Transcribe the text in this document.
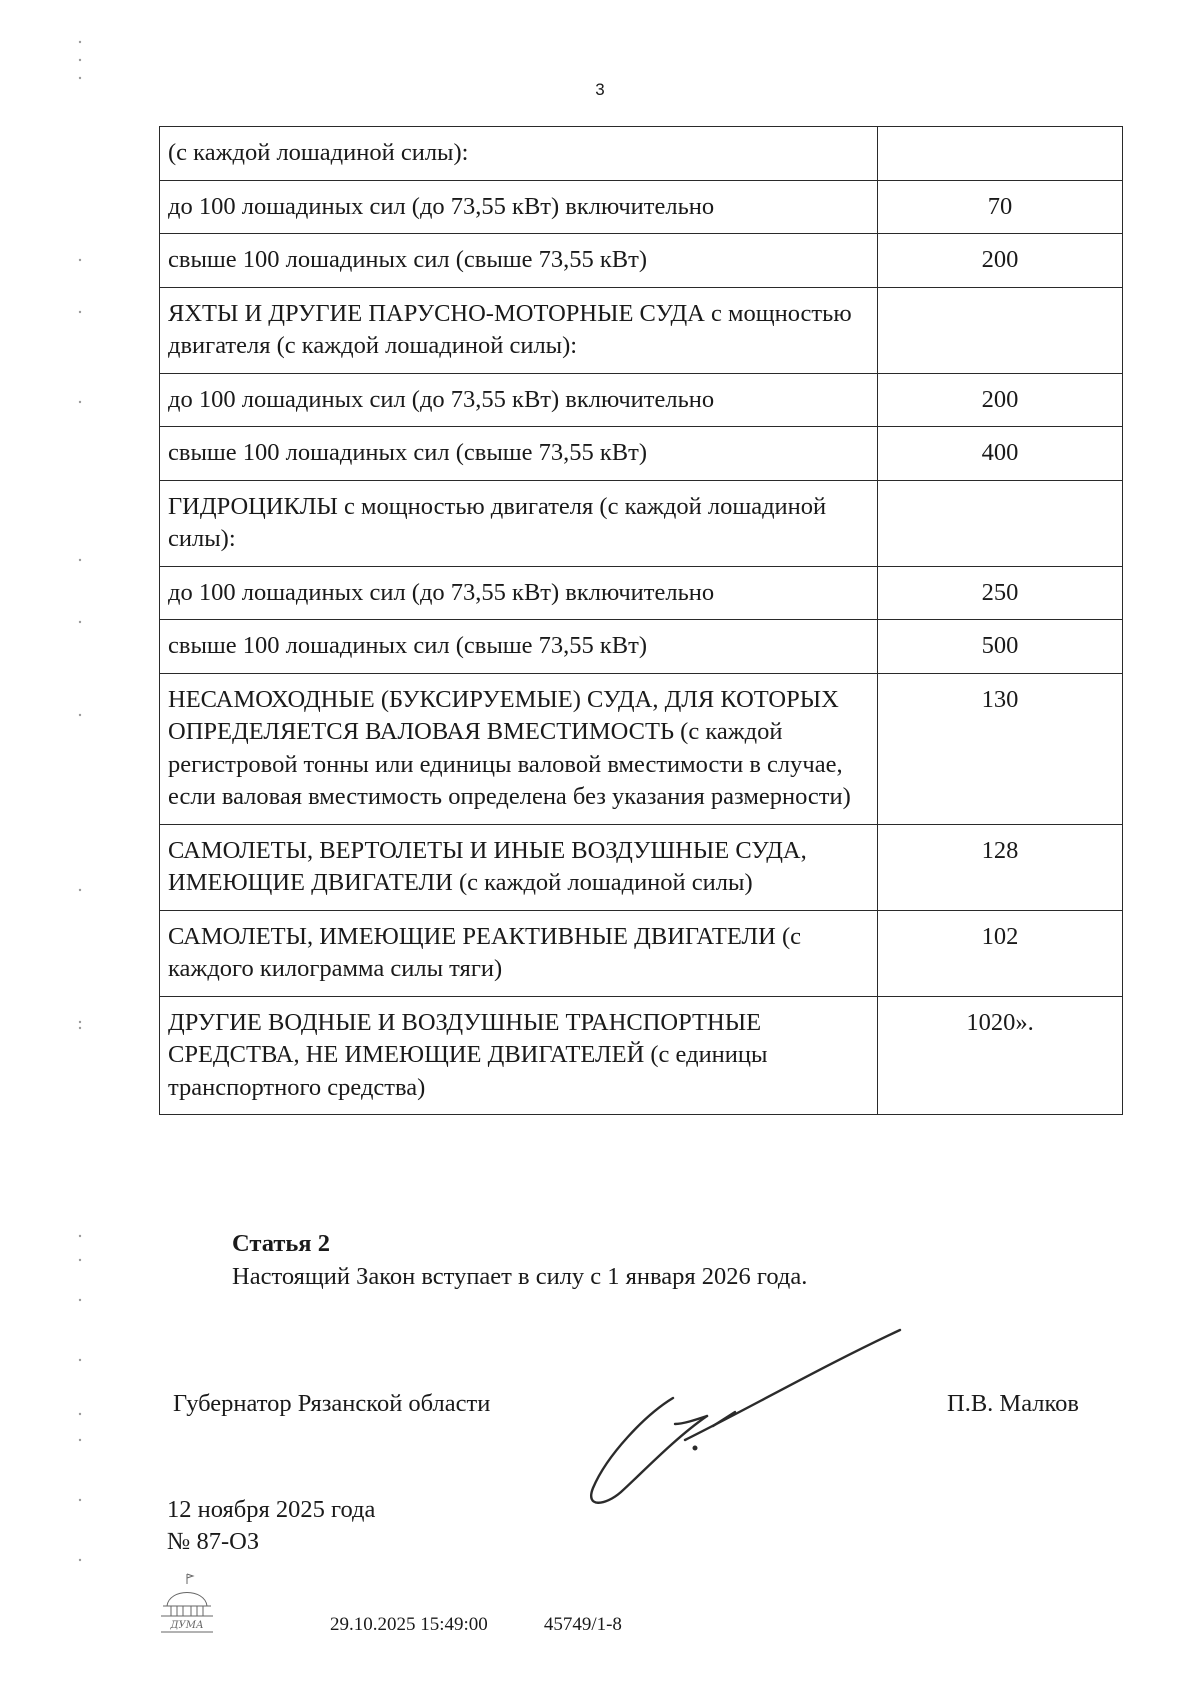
3
(с каждой лошадиной силы):	
до 100 лошадиных сил (до 73,55 кВт) включительно	70
свыше 100 лошадиных сил (свыше 73,55 кВт)	200
ЯХТЫ И ДРУГИЕ ПАРУСНО-МОТОРНЫЕ СУДА с мощностью двигателя (с каждой лошадиной силы):	
до 100 лошадиных сил (до 73,55 кВт) включительно	200
свыше 100 лошадиных сил (свыше 73,55 кВт)	400
ГИДРОЦИКЛЫ с мощностью двигателя (с каждой лошадиной силы):	
до 100 лошадиных сил (до 73,55 кВт) включительно	250
свыше 100 лошадиных сил (свыше 73,55 кВт)	500
НЕСАМОХОДНЫЕ (БУКСИРУЕМЫЕ) СУДА, ДЛЯ КОТОРЫХ ОПРЕДЕЛЯЕТСЯ ВАЛОВАЯ ВМЕСТИМОСТЬ (с каждой регистровой тонны или единицы валовой вместимости в случае, если валовая вместимость определена без указания размерности)	130
САМОЛЕТЫ, ВЕРТОЛЕТЫ И ИНЫЕ ВОЗДУШНЫЕ СУДА, ИМЕЮЩИЕ ДВИГАТЕЛИ (с каждой лошадиной силы)	128
САМОЛЕТЫ, ИМЕЮЩИЕ РЕАКТИВНЫЕ ДВИГАТЕЛИ (с каждого килограмма силы тяги)	102
ДРУГИЕ ВОДНЫЕ И ВОЗДУШНЫЕ ТРАНСПОРТНЫЕ СРЕДСТВА, НЕ ИМЕЮЩИЕ ДВИГАТЕЛЕЙ (с единицы транспортного средства)	1020».
Статья 2
Настоящий Закон вступает в силу с 1 января 2026 года.
Губернатор Рязанской области	П.В. Малков
12 ноября 2025 года
№ 87-ОЗ
ДУМА	29.10.2025 15:49:00	45749/1-8
